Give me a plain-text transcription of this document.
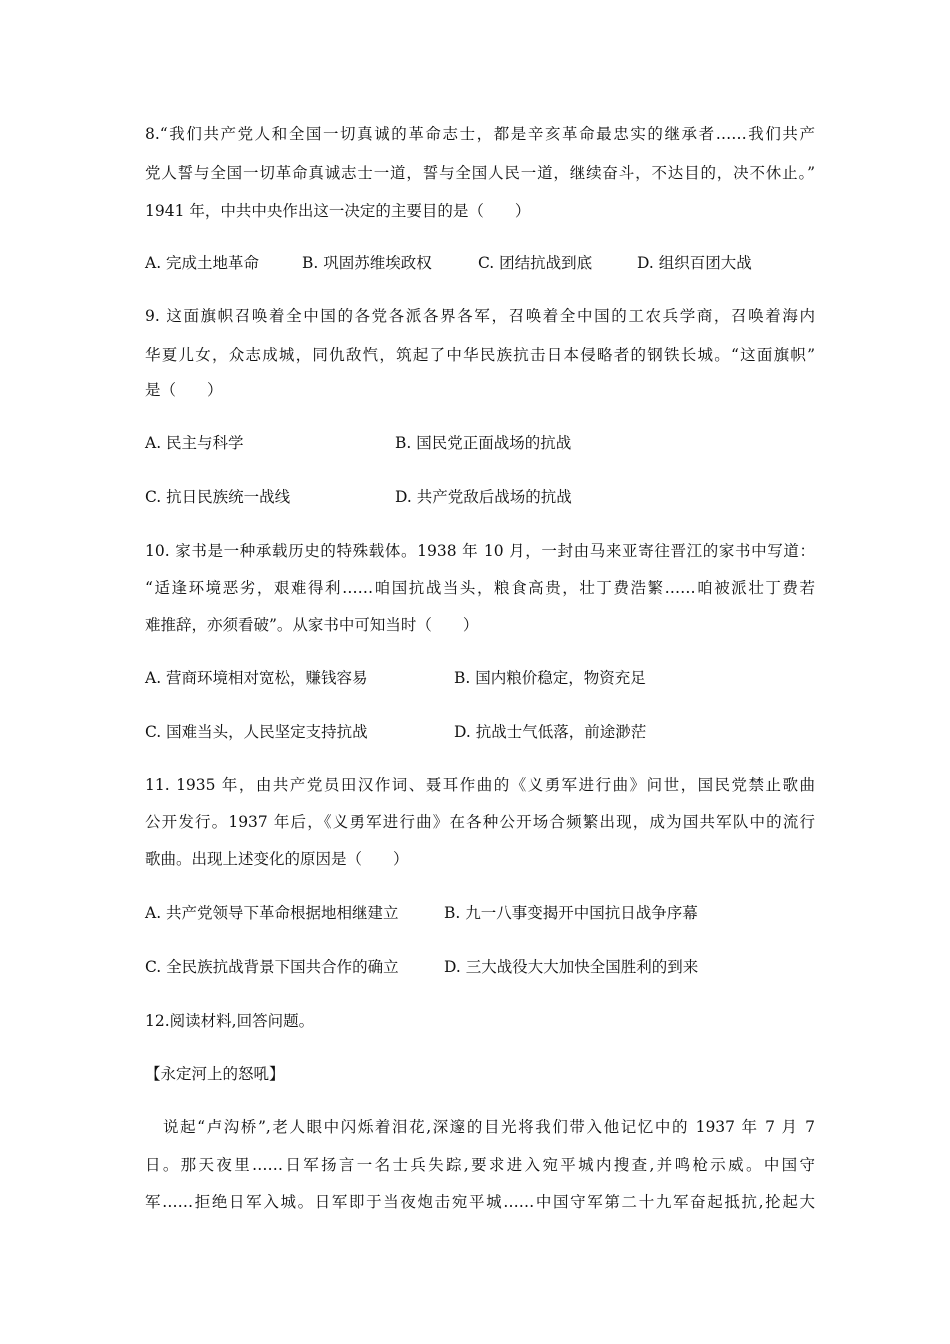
8.“我们共产党人和全国一切真诚的革命志士，都是辛亥革命最忠实的继承者……我们共产
党人誓与全国一切革命真诚志士一道，誓与全国人民一道，继续奋斗，不达目的，决不休止。”
1941 年，中共中央作出这一决定的主要目的是（　　）
A. 完成土地革命	B. 巩固苏维埃政权	C. 团结抗战到底	D. 组织百团大战
9. 这面旗帜召唤着全中国的各党各派各界各军，召唤着全中国的工农兵学商，召唤着海内
华夏儿女，众志成城，同仇敌忾，筑起了中华民族抗击日本侵略者的钢铁长城。“这面旗帜”
是（　　）
A. 民主与科学	B. 国民党正面战场的抗战
C. 抗日民族统一战线	D. 共产党敌后战场的抗战
10. 家书是一种承载历史的特殊载体。1938 年 10 月，一封由马来亚寄往晋江的家书中写道：
“适逢环境恶劣，艰难得利……咱国抗战当头，粮食高贵，壮丁费浩繁……咱被派壮丁费若
难推辞，亦须看破”。从家书中可知当时（　　）
A. 营商环境相对宽松，赚钱容易	B. 国内粮价稳定，物资充足
C. 国难当头，人民坚定支持抗战	D. 抗战士气低落，前途渺茫
11. 1935 年，由共产党员田汉作词、聂耳作曲的《义勇军进行曲》问世，国民党禁止歌曲
公开发行。1937 年后，《义勇军进行曲》在各种公开场合频繁出现，成为国共军队中的流行
歌曲。出现上述变化的原因是（　　）
A. 共产党领导下革命根据地相继建立	B. 九一八事变揭开中国抗日战争序幕
C. 全民族抗战背景下国共合作的确立	D. 三大战役大大加快全国胜利的到来
12.阅读材料,回答问题。
【永定河上的怒吼】
说起“卢沟桥”,老人眼中闪烁着泪花,深邃的目光将我们带入他记忆中的 1937 年 7 月 7
日。那天夜里……日军扬言一名士兵失踪,要求进入宛平城内搜查,并鸣枪示威。中国守
军……拒绝日军入城。日军即于当夜炮击宛平城……中国守军第二十九军奋起抵抗,抡起大
